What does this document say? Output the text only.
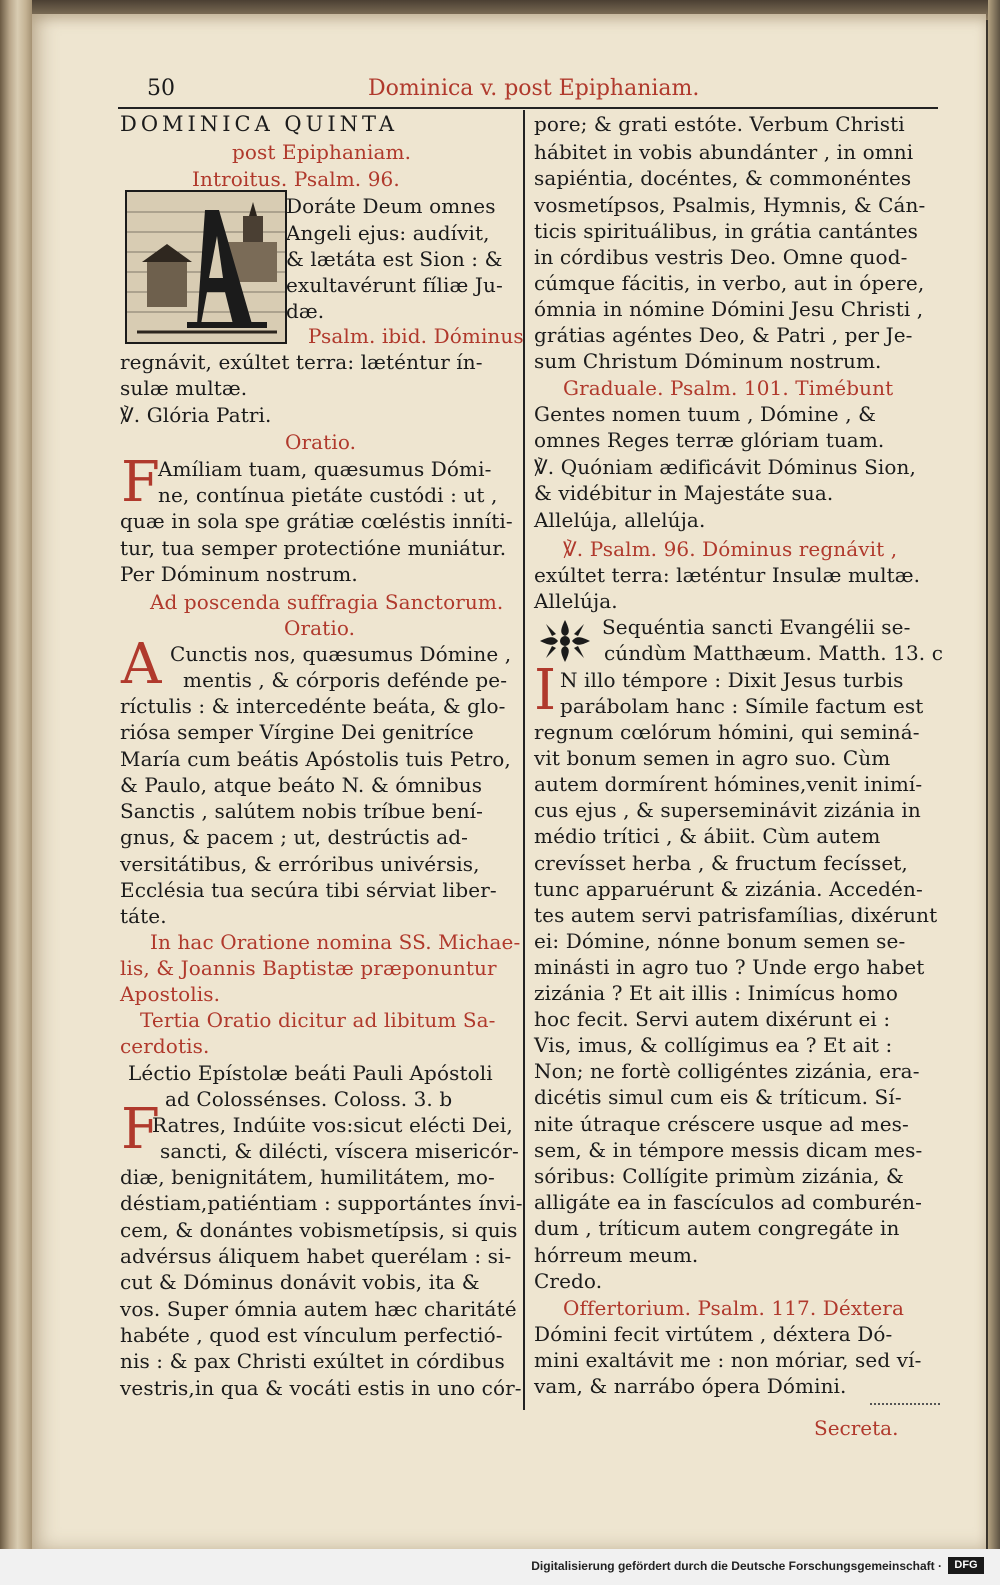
50	Dominica v. post Epiphaniam.
DOMINICA QUINTA
post Epiphaniam.
Introitus. Psalm. 96.
Doráte Deum omnes
Angeli ejus: audívit,
& lætáta est Sion : &
exultavérunt fíliæ Ju-
dæ.
Psalm. ibid. Dóminus
regnávit, exúltet terra: læténtur ín-
sulæ multæ.
℣. Glória Patri.
Oratio.
Amíliam tuam, quæsumus Dómi-
ne, contínua pietáte custódi : ut ,
quæ in sola spe grátiæ cœléstis inníti-
tur, tua semper protectióne muniátur.
Per Dóminum nostrum.
Ad poscenda suffragia Sanctorum.
Oratio.
Cunctis nos, quæsumus Dómine ,
mentis , & córporis defénde pe-
ríctulis : & intercedénte beáta, & glo-
riósa semper Vírgine Dei genitríce
María cum beátis Apóstolis tuis Petro,
& Paulo, atque beáto N. & ómnibus
Sanctis , salútem nobis tríbue bení-
gnus, & pacem ; ut, destrúctis ad-
versitátibus, & erróribus univérsis,
Ecclésia tua secúra tibi sérviat liber-
táte.
In hac Oratione nomina SS. Michae-
lis, & Joannis Baptistæ præponuntur
Apostolis.
Tertia Oratio dicitur ad libitum Sa-
cerdotis.
Léctio Epístolæ beáti Pauli Apóstoli
ad Colossénses. Coloss. 3. b
Ratres, Indúite vos:sicut elécti Dei,
sancti, & dilécti, víscera misericór-
diæ, benignitátem, humilitátem, mo-
déstiam,patiéntiam : supportántes ínvi-
cem, & donántes vobismetípsis, si quis
advérsus áliquem habet querélam : si-
cut & Dóminus donávit vobis, ita &
vos. Super ómnia autem hæc charitáté
habéte , quod est vínculum perfectió-
nis : & pax Christi exúltet in córdibus
vestris,in qua & vocáti estis in uno cór-
pore; & grati estóte. Verbum Christi
hábitet in vobis abundánter , in omni
sapiéntia, docéntes, & commonéntes
vosmetípsos, Psalmis, Hymnis, & Cán-
ticis spirituálibus, in grátia cantántes
in córdibus vestris Deo. Omne quod-
cúmque fácitis, in verbo, aut in ópere,
ómnia in nómine Dómini Jesu Christi ,
grátias agéntes Deo, & Patri , per Je-
sum Christum Dóminum nostrum.
Graduale. Psalm. 101. Timébunt
Gentes nomen tuum , Dómine , &
omnes Reges terræ glóriam tuam.
℣. Quóniam ædificávit Dóminus Sion,
& vidébitur in Majestáte sua.
Allelúja, allelúja.
℣. Psalm. 96. Dóminus regnávit ,
exúltet terra: læténtur Insulæ multæ.
Allelúja.
Sequéntia sancti Evangélii se-
cúndùm Matthæum. Matth. 13. c
N illo témpore : Dixit Jesus turbis
parábolam hanc : Símile factum est
regnum cœlórum hómini, qui seminá-
vit bonum semen in agro suo. Cùm
autem dormírent hómines,venit inimí-
cus ejus , & superseminávit zizánia in
médio trítici , & ábiit. Cùm autem
crevísset herba , & fructum fecísset,
tunc apparuérunt & zizánia. Accedén-
tes autem servi patrisfamílias, dixérunt
ei: Dómine, nónne bonum semen se-
minásti in agro tuo ? Unde ergo habet
zizánia ? Et ait illis : Inimícus homo
hoc fecit. Servi autem dixérunt ei :
Vis, imus, & collígimus ea ? Et ait :
Non; ne fortè colligéntes zizánia, era-
dicétis simul cum eis & tríticum. Sí-
nite útraque créscere usque ad mes-
sem, & in témpore messis dicam mes-
sóribus: Collígite primùm zizánia, &
alligáte ea in fascículos ad comburén-
dum , tríticum autem congregáte in
hórreum meum.
Credo.
Offertorium. Psalm. 117. Déxtera
Dómini fecit virtútem , déxtera Dó-
mini exaltávit me : non móriar, sed ví-
vam, & narrábo ópera Dómini.
F
A
F
I
Secreta.
Digitalisierung gefördert durch die Deutsche Forschungsgemeinschaft ·	DFG
